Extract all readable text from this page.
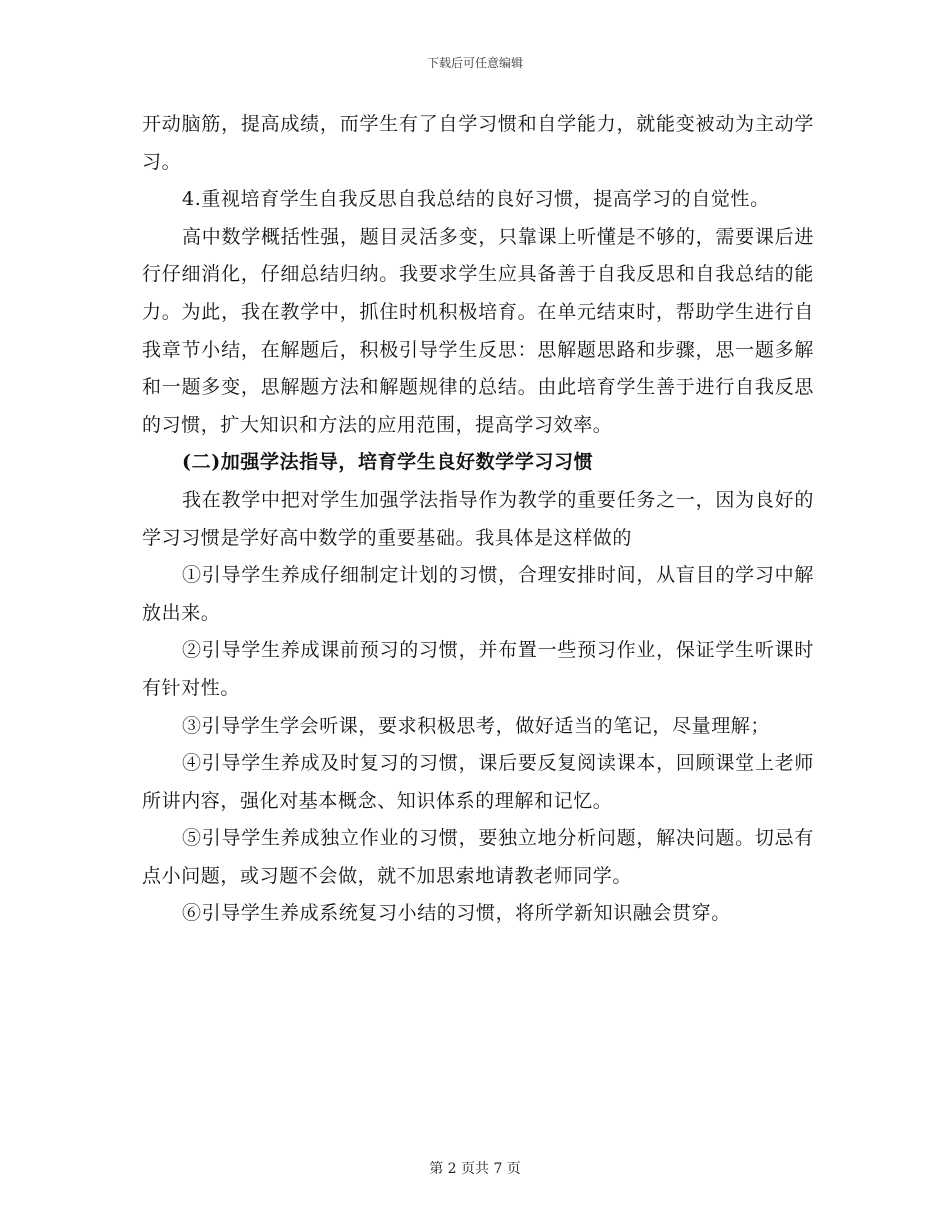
下载后可任意编辑

开动脑筋，提高成绩，而学生有了自学习惯和自学能力，就能变被动为主动学习。

4.重视培育学生自我反思自我总结的良好习惯，提高学习的自觉性。

高中数学概括性强，题目灵活多变，只靠课上听懂是不够的，需要课后进行仔细消化，仔细总结归纳。我要求学生应具备善于自我反思和自我总结的能力。为此，我在教学中，抓住时机积极培育。在单元结束时，帮助学生进行自我章节小结，在解题后，积极引导学生反思：思解题思路和步骤，思一题多解和一题多变，思解题方法和解题规律的总结。由此培育学生善于进行自我反思的习惯，扩大知识和方法的应用范围，提高学习效率。

(二)加强学法指导，培育学生良好数学学习习惯

我在教学中把对学生加强学法指导作为教学的重要任务之一，因为良好的学习习惯是学好高中数学的重要基础。我具体是这样做的

①引导学生养成仔细制定计划的习惯，合理安排时间，从盲目的学习中解放出来。

②引导学生养成课前预习的习惯，并布置一些预习作业，保证学生听课时有针对性。

③引导学生学会听课，要求积极思考，做好适当的笔记，尽量理解；

④引导学生养成及时复习的习惯，课后要反复阅读课本，回顾课堂上老师所讲内容，强化对基本概念、知识体系的理解和记忆。

⑤引导学生养成独立作业的习惯，要独立地分析问题，解决问题。切忌有点小问题，或习题不会做，就不加思索地请教老师同学。

⑥引导学生养成系统复习小结的习惯，将所学新知识融会贯穿。

第 2 页共 7 页
